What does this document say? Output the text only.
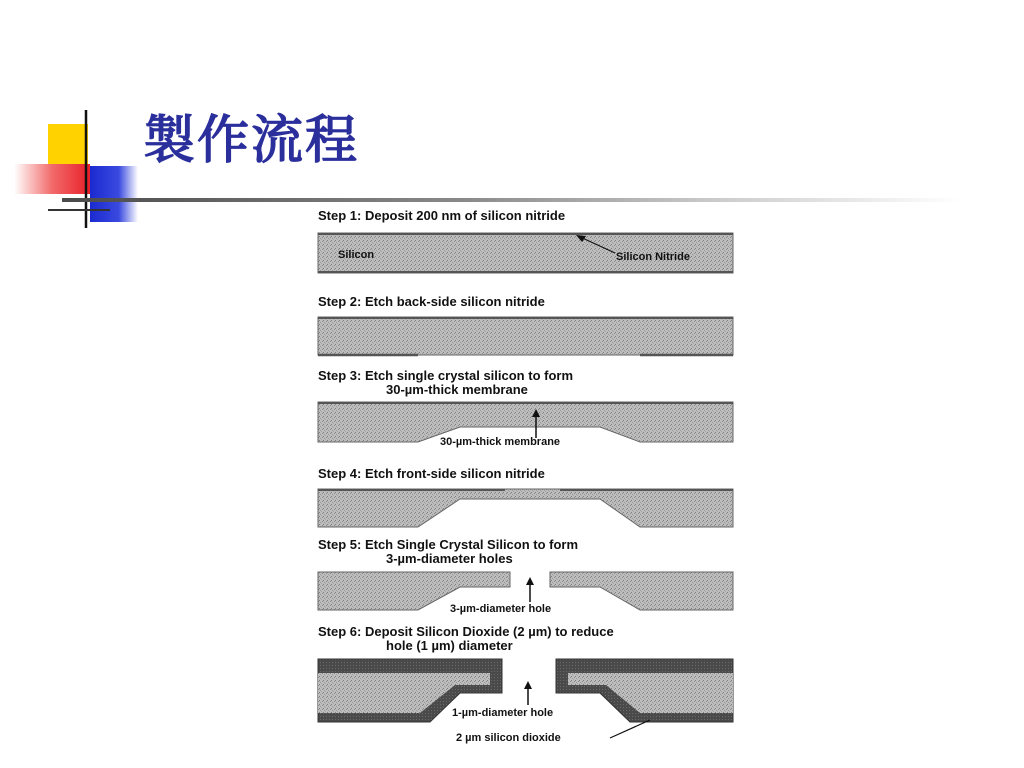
製作流程
Step 1: Deposit 200 nm of silicon nitride
Silicon	Silicon Nitride
Step 2: Etch back-side silicon nitride
Step 3: Etch single crystal silicon to form
30-µm-thick membrane
30-µm-thick membrane
Step 4: Etch front-side silicon nitride
Step 5: Etch Single Crystal Silicon to form
3-µm-diameter holes
3-µm-diameter hole
Step 6: Deposit Silicon Dioxide (2 µm) to reduce
hole (1 µm) diameter
1-µm-diameter hole
2 µm silicon dioxide
